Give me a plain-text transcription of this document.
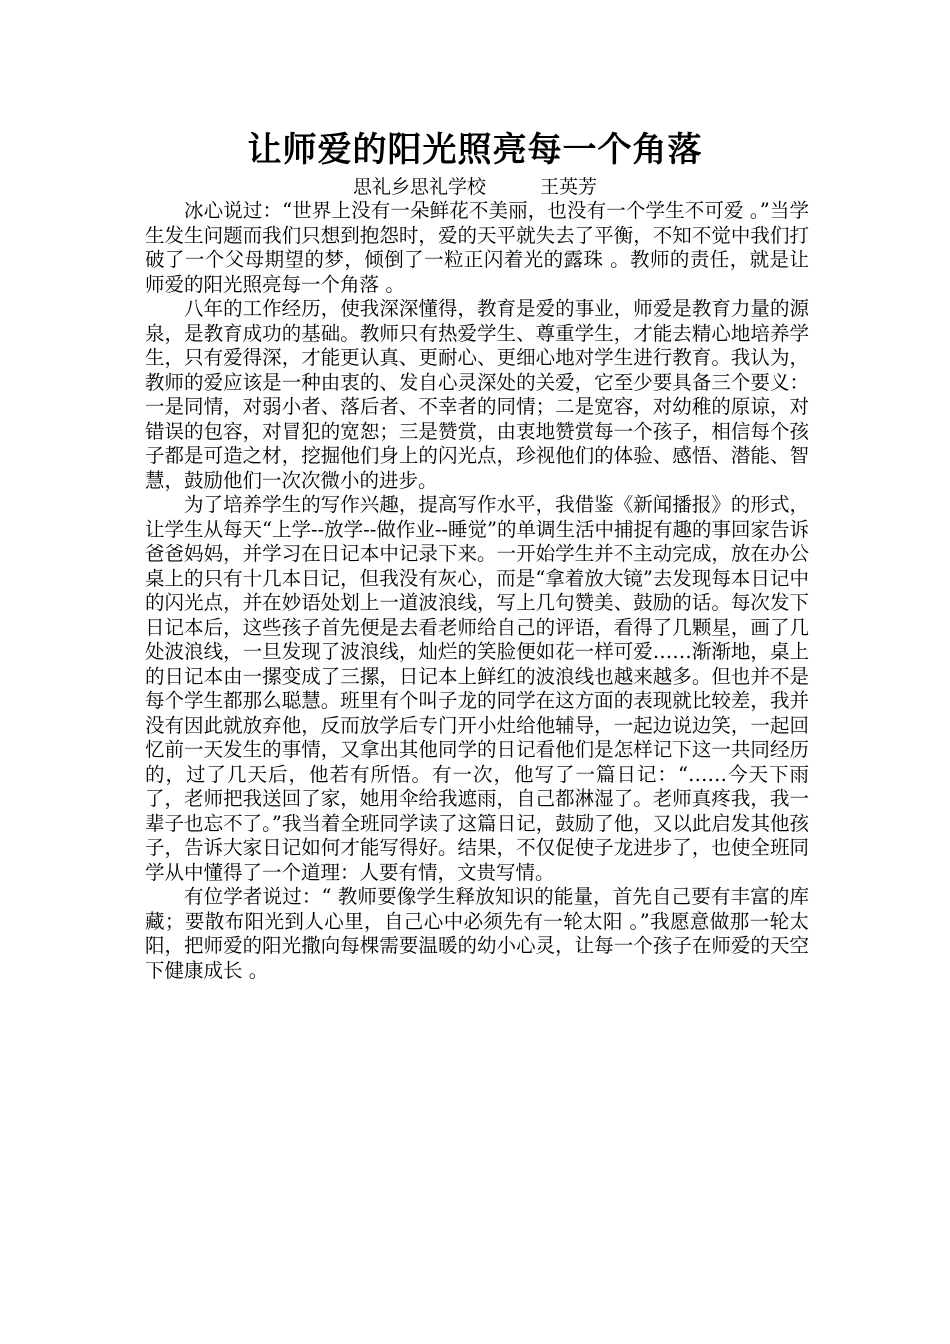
让师爱的阳光照亮每一个角落
思礼乡思礼学校	王英芳

冰心说过：“世界上没有一朵鲜花不美丽，也没有一个学生不可爱 。”当学生发生问题而我们只想到抱怨时，爱的天平就失去了平衡，不知不觉中我们打破了一个父母期望的梦，倾倒了一粒正闪着光的露珠 。教师的责任，就是让师爱的阳光照亮每一个角落 。

八年的工作经历，使我深深懂得，教育是爱的事业，师爱是教育力量的源泉，是教育成功的基础。教师只有热爱学生、尊重学生，才能去精心地培养学生，只有爱得深，才能更认真、更耐心、更细心地对学生进行教育。我认为，教师的爱应该是一种由衷的、发自心灵深处的关爱，它至少要具备三个要义：一是同情，对弱小者、落后者、不幸者的同情；二是宽容，对幼稚的原谅，对错误的包容，对冒犯的宽恕；三是赞赏，由衷地赞赏每一个孩子，相信每个孩子都是可造之材，挖掘他们身上的闪光点，珍视他们的体验、感悟、潜能、智慧，鼓励他们一次次微小的进步。

为了培养学生的写作兴趣，提高写作水平，我借鉴《新闻播报》的形式，让学生从每天“上学--放学--做作业--睡觉”的单调生活中捕捉有趣的事回家告诉爸爸妈妈，并学习在日记本中记录下来。一开始学生并不主动完成，放在办公桌上的只有十几本日记，但我没有灰心，而是“拿着放大镜”去发现每本日记中的闪光点，并在妙语处划上一道波浪线，写上几句赞美、鼓励的话。每次发下日记本后，这些孩子首先便是去看老师给自己的评语，看得了几颗星，画了几处波浪线，一旦发现了波浪线，灿烂的笑脸便如花一样可爱……渐渐地，桌上的日记本由一摞变成了三摞，日记本上鲜红的波浪线也越来越多。但也并不是每个学生都那么聪慧。班里有个叫子龙的同学在这方面的表现就比较差，我并没有因此就放弃他，反而放学后专门开小灶给他辅导，一起边说边笑，一起回忆前一天发生的事情，又拿出其他同学的日记看他们是怎样记下这一共同经历的，过了几天后，他若有所悟。有一次，他写了一篇日记：“……今天下雨了，老师把我送回了家，她用伞给我遮雨，自己都淋湿了。老师真疼我，我一辈子也忘不了。”我当着全班同学读了这篇日记，鼓励了他，又以此启发其他孩子，告诉大家日记如何才能写得好。结果，不仅促使子龙进步了，也使全班同学从中懂得了一个道理：人要有情，文贵写情。

有位学者说过：“ 教师要像学生释放知识的能量，首先自己要有丰富的库藏；要散布阳光到人心里，自己心中必须先有一轮太阳 。”我愿意做那一轮太阳，把师爱的阳光撒向每棵需要温暖的幼小心灵，让每一个孩子在师爱的天空下健康成长 。
